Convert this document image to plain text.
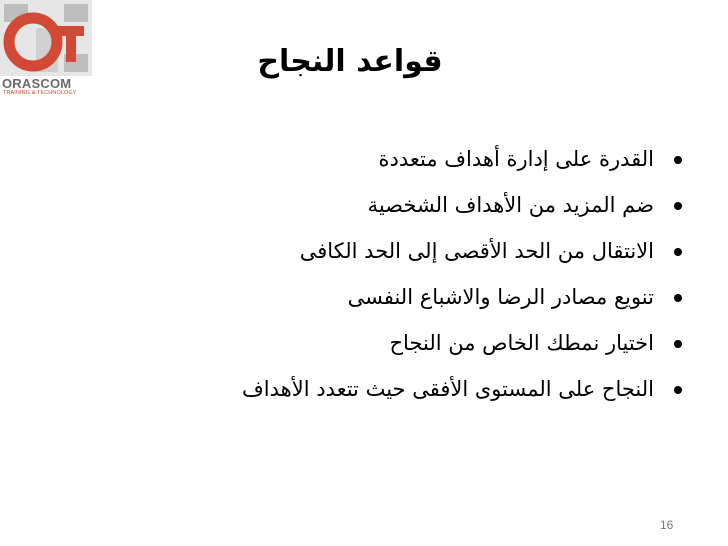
ORASCOM
TRAINING & TECHNOLOGY
قواعد النجاح
القدرة على إدارة أهداف متعددة
ضم المزيد من الأهداف الشخصية
الانتقال من الحد الأقصى إلى الحد الكافى
تنويع مصادر الرضا والاشباع النفسى
اختيار نمطك الخاص من النجاح
النجاح على المستوى الأفقى حيث تتعدد الأهداف
16
